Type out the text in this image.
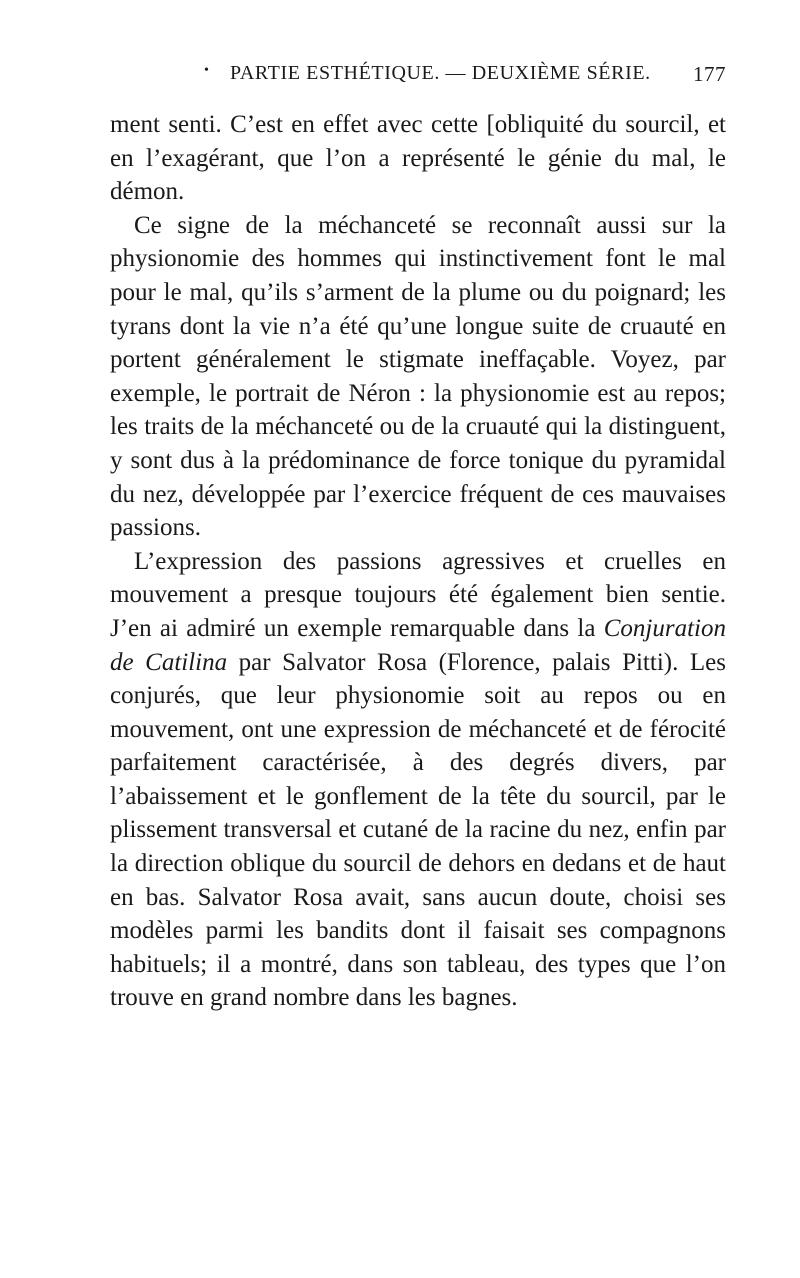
• PARTIE ESTHÉTIQUE. — DEUXIÈME SÉRIE. 177

ment senti. C’est en effet avec cette [obliquité du sourcil, et en l’exagérant, que l’on a représenté le génie du mal, le démon.

Ce signe de la méchanceté se reconnaît aussi sur la physionomie des hommes qui instinctivement font le mal pour le mal, qu’ils s’arment de la plume ou du poignard; les tyrans dont la vie n’a été qu’une longue suite de cruauté en portent généralement le stigmate ineffaçable. Voyez, par exemple, le portrait de Néron : la physionomie est au repos; les traits de la méchanceté ou de la cruauté qui la distinguent, y sont dus à la prédominance de force tonique du pyramidal du nez, développée par l’exercice fréquent de ces mauvaises passions.

L’expression des passions agressives et cruelles en mouvement a presque toujours été également bien sentie. J’en ai admiré un exemple remarquable dans la Conjuration de Catilina par Salvator Rosa (Florence, palais Pitti). Les conjurés, que leur physionomie soit au repos ou en mouvement, ont une expression de méchanceté et de férocité parfaitement caractérisée, à des degrés divers, par l’abaissement et le gonflement de la tête du sourcil, par le plissement transversal et cutané de la racine du nez, enfin par la direction oblique du sourcil de dehors en dedans et de haut en bas. Salvator Rosa avait, sans aucun doute, choisi ses modèles parmi les bandits dont il faisait ses compagnons habituels; il a montré, dans son tableau, des types que l’on trouve en grand nombre dans les bagnes.
